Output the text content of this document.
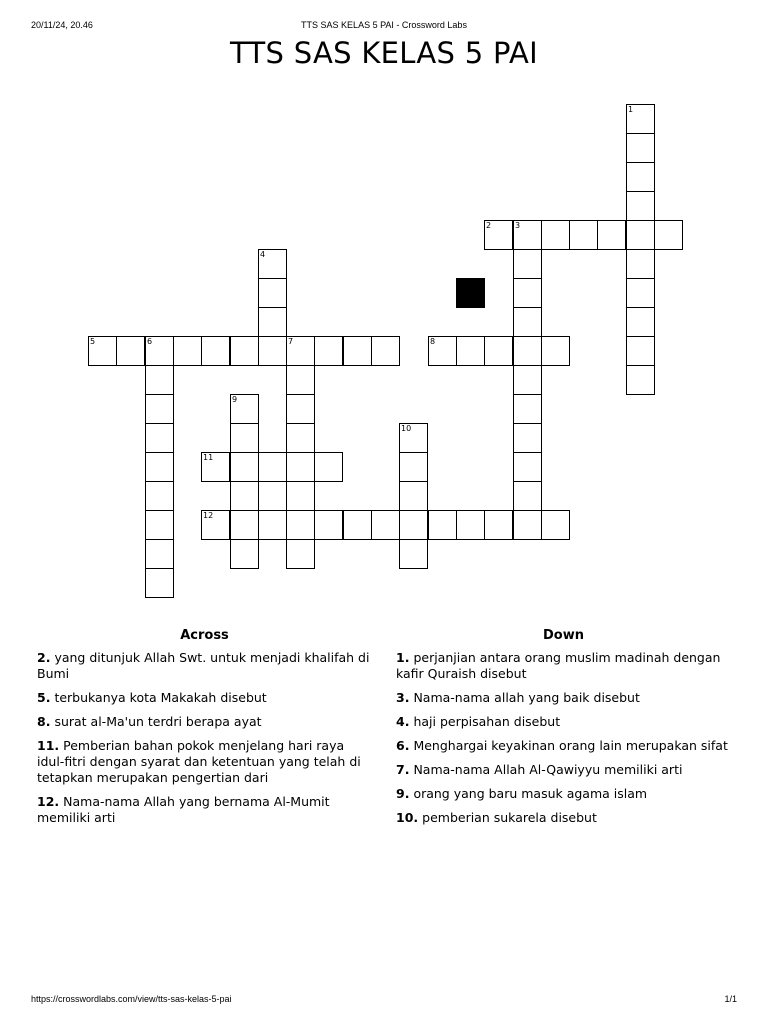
20/11/24, 20.46	TTS SAS KELAS 5 PAI - Crossword Labs
TTS SAS KELAS 5 PAI
1
2	3
4
5	6	7	8
9
10
11
12
Across
2. yang ditunjuk Allah Swt. untuk menjadi khalifah di Bumi
5. terbukanya kota Makakah disebut
8. surat al-Ma'un terdri berapa ayat
11. Pemberian bahan pokok menjelang hari raya idul-fitri dengan syarat dan ketentuan yang telah di tetapkan merupakan pengertian dari
12. Nama-nama Allah yang bernama Al-Mumit memiliki arti
Down
1. perjanjian antara orang muslim madinah dengan kafir Quraish disebut
3. Nama-nama allah yang baik disebut
4. haji perpisahan disebut
6. Menghargai keyakinan orang lain merupakan sifat
7. Nama-nama Allah Al-Qawiyyu memiliki arti
9. orang yang baru masuk agama islam
10. pemberian sukarela disebut
https://crosswordlabs.com/view/tts-sas-kelas-5-pai	1/1
